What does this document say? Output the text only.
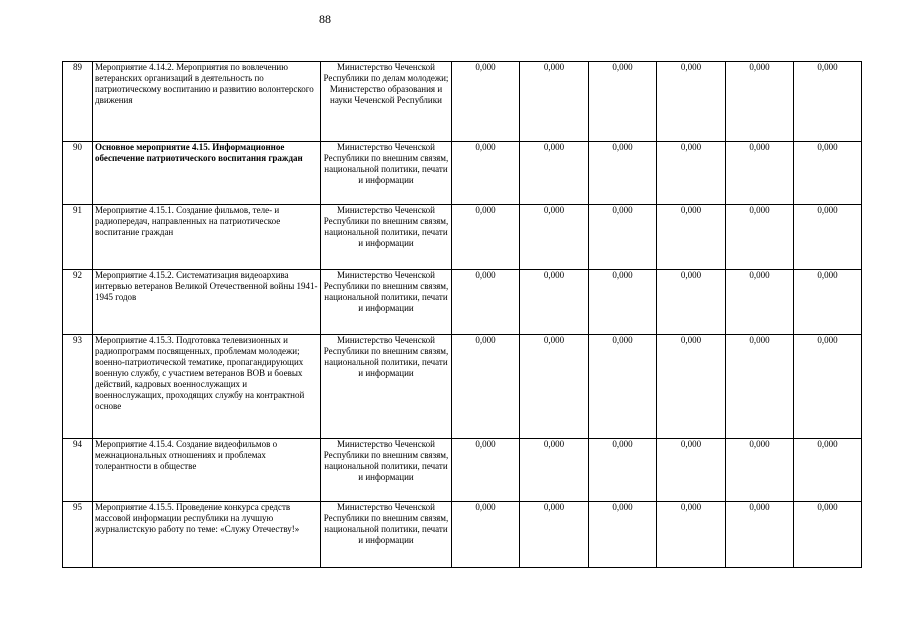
88
89	Мероприятие 4.14.2. Мероприятия по вовлечению ветеранских организаций в деятельность по патриотическому воспитанию и развитию волонтерского движения	Министерство Чеченской Республики по делам молодежи; Министерство образования и науки Чеченской Республики	0,000	0,000	0,000	0,000	0,000	0,000
90	Основное мероприятие 4.15. Информационное обеспечение патриотического воспитания граждан	Министерство Чеченской Республики по внешним связям, национальной политики, печати и информации	0,000	0,000	0,000	0,000	0,000	0,000
91	Мероприятие 4.15.1. Создание фильмов, теле- и радиопередач, направленных на патриотическое воспитание граждан	Министерство Чеченской Республики по внешним связям, национальной политики, печати и информации	0,000	0,000	0,000	0,000	0,000	0,000
92	Мероприятие 4.15.2. Систематизация видеоархива интервью ветеранов Великой Отечественной войны 1941-1945 годов	Министерство Чеченской Республики по внешним связям, национальной политики, печати и информации	0,000	0,000	0,000	0,000	0,000	0,000
93	Мероприятие 4.15.3. Подготовка телевизионных и радиопрограмм посвященных, проблемам молодежи; военно-патриотической тематике, пропагандирующих военную службу, с участием ветеранов ВОВ и боевых действий, кадровых военнослужащих и военнослужащих, проходящих службу на контрактной основе	Министерство Чеченской Республики по внешним связям, национальной политики, печати и информации	0,000	0,000	0,000	0,000	0,000	0,000
94	Мероприятие 4.15.4. Создание видеофильмов о межнациональных отношениях и проблемах толерантности в обществе	Министерство Чеченской Республики по внешним связям, национальной политики, печати и информации	0,000	0,000	0,000	0,000	0,000	0,000
95	Мероприятие 4.15.5. Проведение конкурса средств массовой информации республики на лучшую журналистскую работу по теме: «Служу Отечеству!»	Министерство Чеченской Республики по внешним связям, национальной политики, печати и информации	0,000	0,000	0,000	0,000	0,000	0,000
